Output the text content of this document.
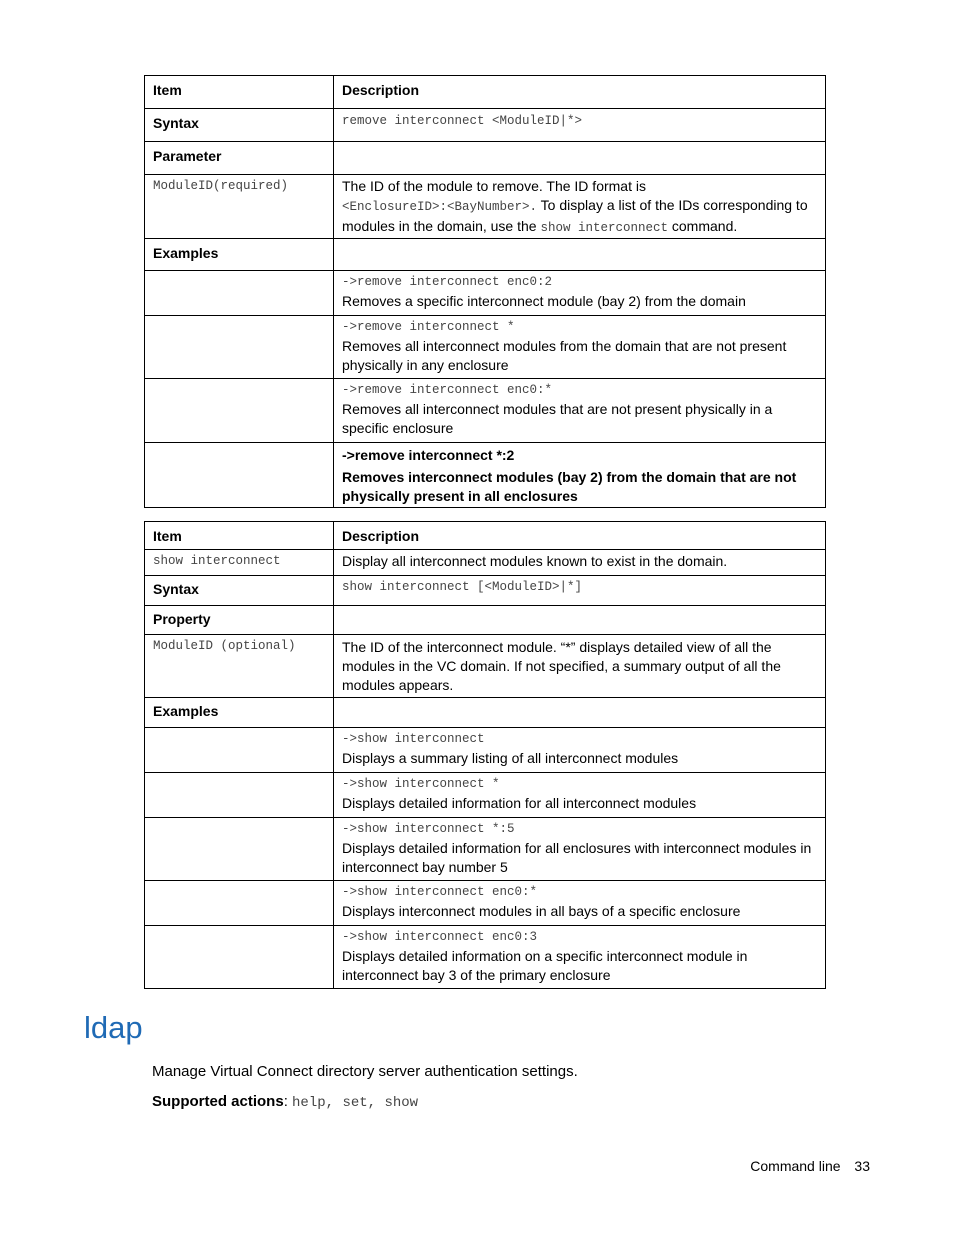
Item	Description
Syntax	remove interconnect <ModuleID|*>
Parameter	
ModuleID(required)	The ID of the module to remove. The ID format is
<EnclosureID>:<BayNumber>. To display a list of the IDs corresponding to modules in the domain, use the show interconnect command.
Examples	

	->remove interconnect enc0:2
Removes a specific interconnect module (bay 2) from the domain

	->remove interconnect *
Removes all interconnect modules from the domain that are not present physically in any enclosure

	->remove interconnect enc0:*
Removes all interconnect modules that are not present physically in a specific enclosure

	->remove interconnect *:2
Removes interconnect modules (bay 2) from the domain that are not physically present in all enclosures
Item	Description
show interconnect	Display all interconnect modules known to exist in the domain.
Syntax	show interconnect [<ModuleID>|*]
Property	
ModuleID (optional)	The ID of the interconnect module. “*” displays detailed view of all the modules in the VC domain. If not specified, a summary output of all the modules appears.
Examples	

	->show interconnect
Displays a summary listing of all interconnect modules

	->show interconnect *
Displays detailed information for all interconnect modules

	->show interconnect *:5
Displays detailed information for all enclosures with interconnect modules in interconnect bay number 5

	->show interconnect enc0:*
Displays interconnect modules in all bays of a specific enclosure

	->show interconnect enc0:3
Displays detailed information on a specific interconnect module in interconnect bay 3 of the primary enclosure
ldap

Manage Virtual Connect directory server authentication settings.

Supported actions: help, set, show

Command line 33
